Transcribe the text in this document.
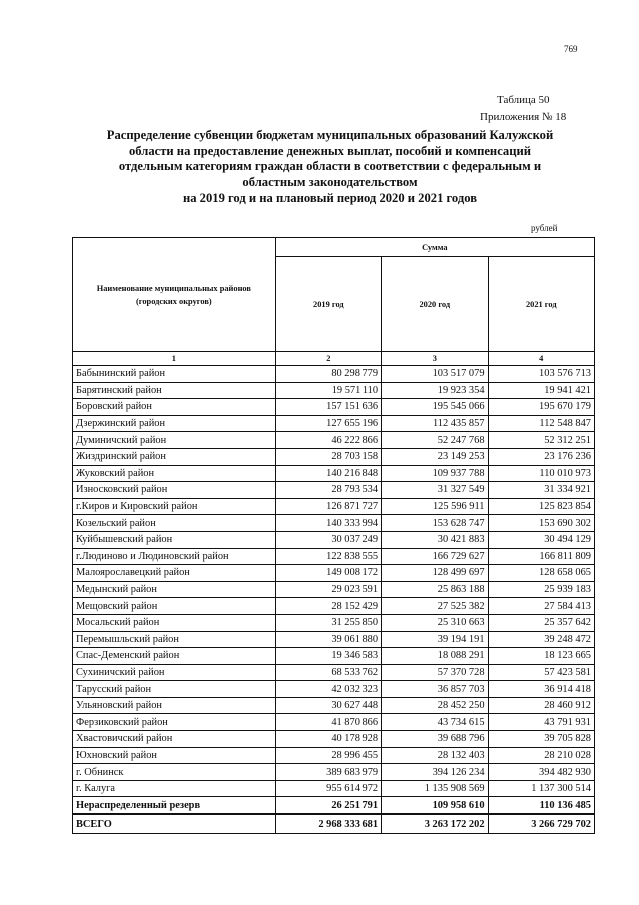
769
Таблица 50
Приложения № 18
Распределение субвенции бюджетам муниципальных образований Калужской
области на предоставление денежных выплат, пособий и компенсаций
отдельным категориям граждан области в соответствии с федеральным и
областным законодательством
на 2019 год и на плановый период 2020 и 2021 годов
рублей
Наименование муниципальных районов (городских округов)	Сумма		
	2019 год	2020 год	2021 год
1	2	3	4
Бабынинский район	80 298 779	103 517 079	103 576 713
Барятинский район	19 571 110	19 923 354	19 941 421
Боровский район	157 151 636	195 545 066	195 670 179
Дзержинский район	127 655 196	112 435 857	112 548 847
Думиничский район	46 222 866	52 247 768	52 312 251
Жиздринский район	28 703 158	23 149 253	23 176 236
Жуковский район	140 216 848	109 937 788	110 010 973
Износковский район	28 793 534	31 327 549	31 334 921
г.Киров и Кировский район	126 871 727	125 596 911	125 823 854
Козельский район	140 333 994	153 628 747	153 690 302
Куйбышевский район	30 037 249	30 421 883	30 494 129
г.Людиново и Людиновский район	122 838 555	166 729 627	166 811 809
Малоярославецкий район	149 008 172	128 499 697	128 658 065
Медынский район	29 023 591	25 863 188	25 939 183
Мещовский район	28 152 429	27 525 382	27 584 413
Мосальский район	31 255 850	25 310 663	25 357 642
Перемышльский район	39 061 880	39 194 191	39 248 472
Спас-Деменский район	19 346 583	18 088 291	18 123 665
Сухиничский район	68 533 762	57 370 728	57 423 581
Тарусский район	42 032 323	36 857 703	36 914 418
Ульяновский район	30 627 448	28 452 250	28 460 912
Ферзиковский район	41 870 866	43 734 615	43 791 931
Хвастовичский район	40 178 928	39 688 796	39 705 828
Юхновский район	28 996 455	28 132 403	28 210 028
г. Обнинск	389 683 979	394 126 234	394 482 930
г. Калуга	955 614 972	1 135 908 569	1 137 300 514
Нераспределенный резерв	26 251 791	109 958 610	110 136 485
ВСЕГО	2 968 333 681	3 263 172 202	3 266 729 702
